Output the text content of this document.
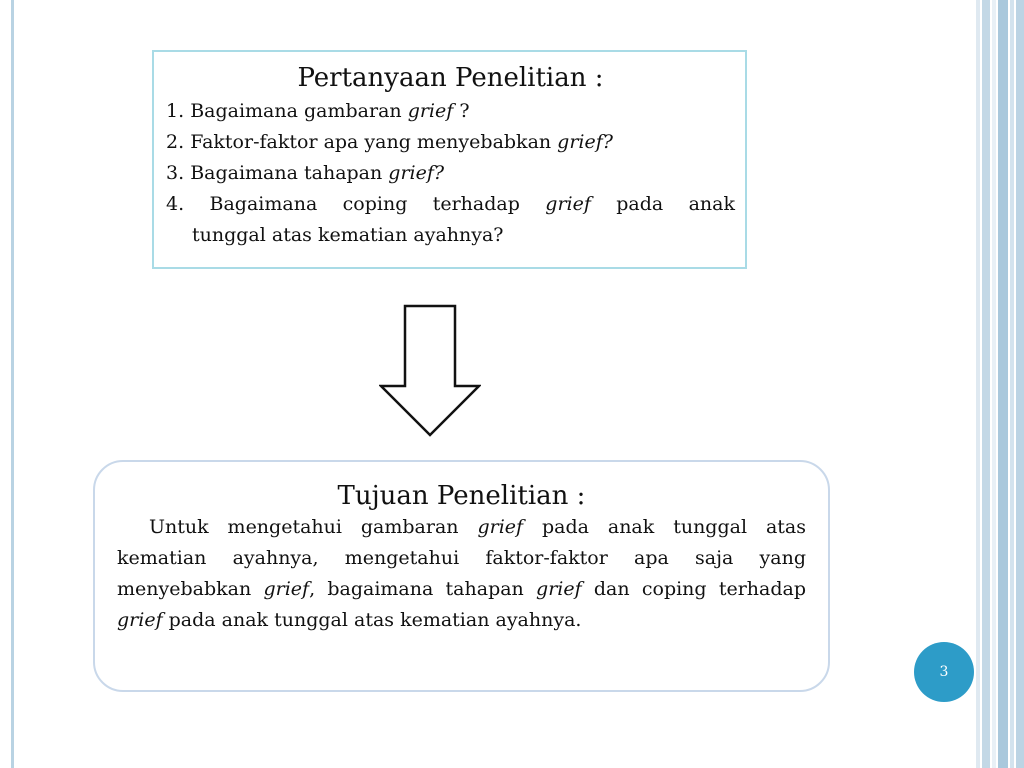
Pertanyaan Penelitian :
1. Bagaimana gambaran grief ?
2. Faktor-faktor apa yang menyebabkan grief?
3. Bagaimana tahapan grief?
4. Bagaimana coping terhadap grief pada anak
tunggal atas kematian ayahnya?
Tujuan Penelitian :
Untuk mengetahui gambaran grief pada anak tunggal atas kematian ayahnya, mengetahui faktor-faktor apa saja yang menyebabkan grief, bagaimana tahapan grief dan coping terhadap grief pada anak tunggal atas kematian ayahnya.
3
